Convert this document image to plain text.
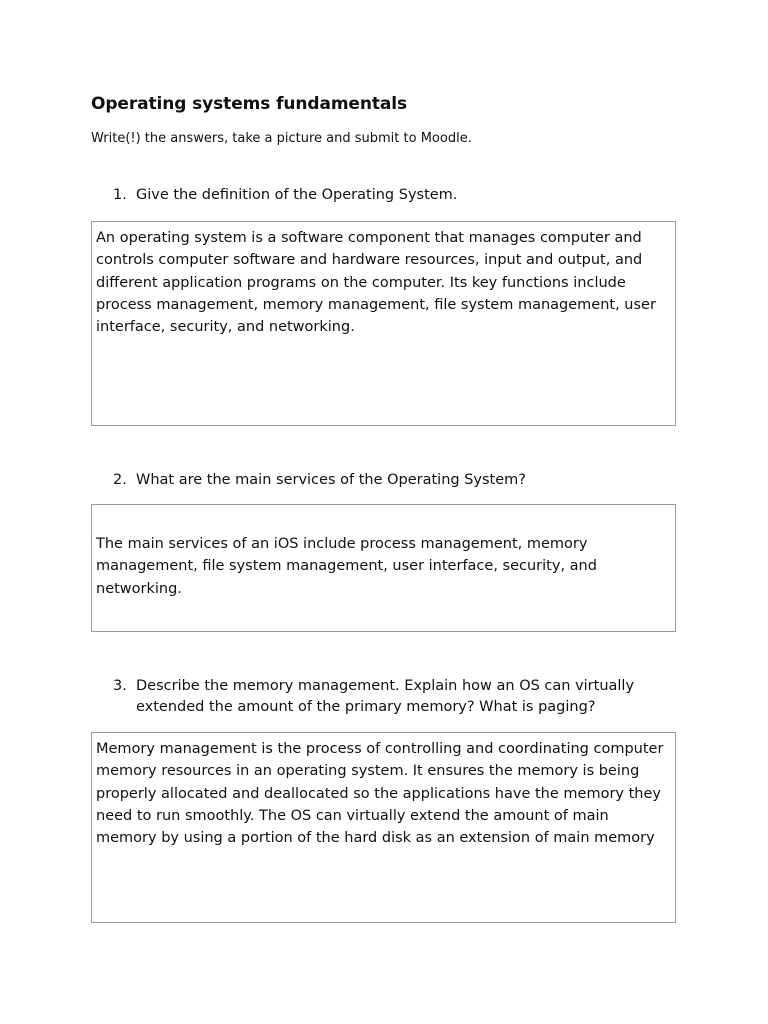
Operating systems fundamentals
Write(!) the answers, take a picture and submit to Moodle.
1. Give the definition of the Operating System.
An operating system is a software component that manages computer and controls computer software and hardware resources, input and output, and different application programs on the computer. Its key functions include process management, memory management, file system management, user interface, security, and networking.
2. What are the main services of the Operating System?
The main services of an iOS include process management, memory management, file system management, user interface, security, and networking.
3. Describe the memory management. Explain how an OS can virtually extended the amount of the primary memory? What is paging?
Memory management is the process of controlling and coordinating computer memory resources in an operating system. It ensures the memory is being properly allocated and deallocated so the applications have the memory they need to run smoothly. The OS can virtually extend the amount of main memory by using a portion of the hard disk as an extension of main memory
